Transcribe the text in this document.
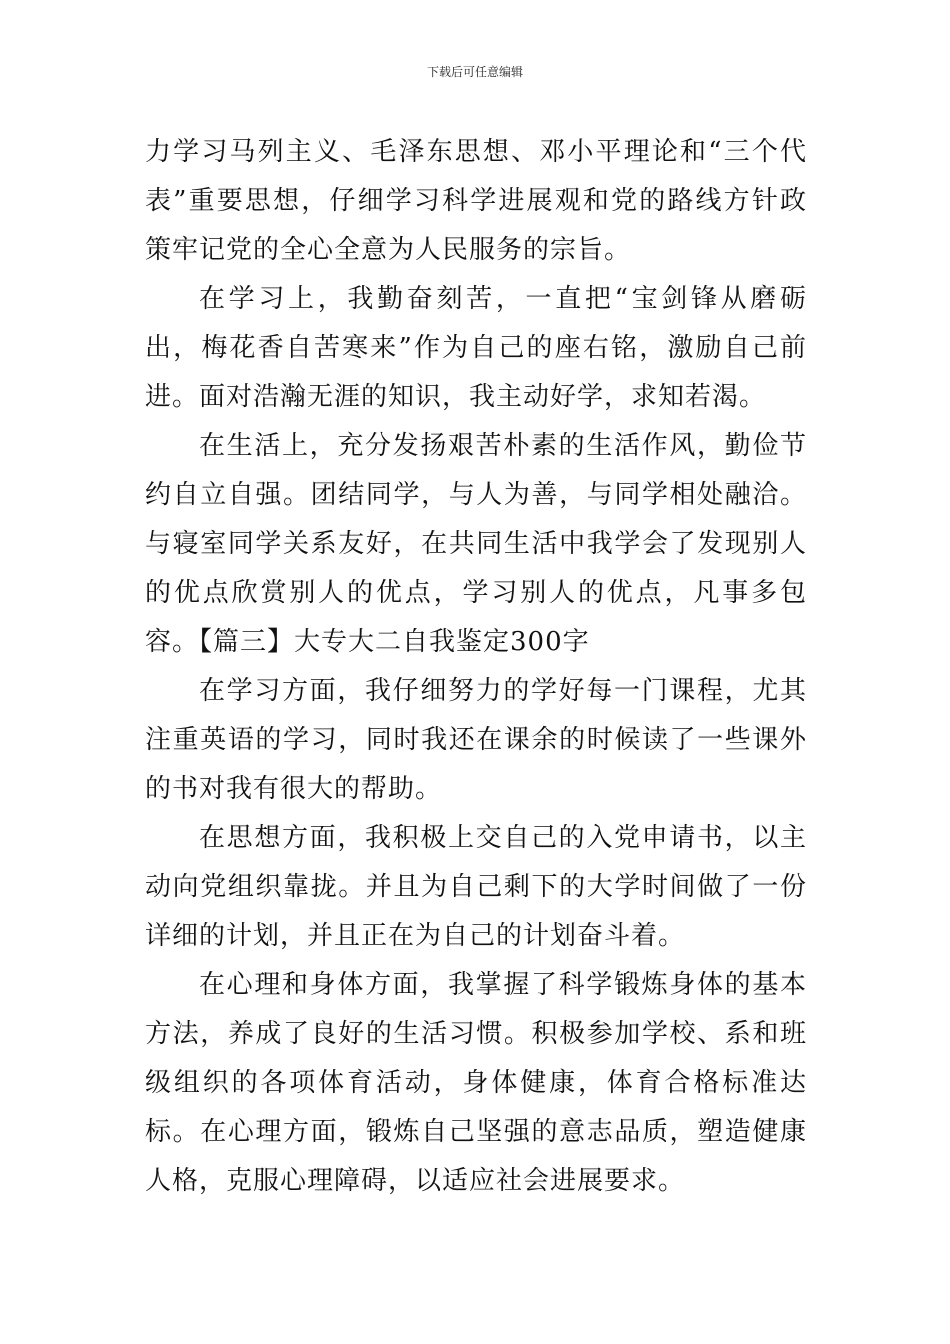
下载后可任意编辑

力学习马列主义、毛泽东思想、邓小平理论和“三个代表”重要思想，仔细学习科学进展观和党的路线方针政策牢记党的全心全意为人民服务的宗旨。

在学习上，我勤奋刻苦，一直把“宝剑锋从磨砺出，梅花香自苦寒来”作为自己的座右铭，激励自己前进。面对浩瀚无涯的知识，我主动好学，求知若渴。

在生活上，充分发扬艰苦朴素的生活作风，勤俭节约自立自强。团结同学，与人为善，与同学相处融洽。与寝室同学关系友好，在共同生活中我学会了发现别人的优点欣赏别人的优点，学习别人的优点，凡事多包容。【篇三】大专大二自我鉴定300字

在学习方面，我仔细努力的学好每一门课程，尤其注重英语的学习，同时我还在课余的时候读了一些课外的书对我有很大的帮助。

在思想方面，我积极上交自己的入党申请书，以主动向党组织靠拢。并且为自己剩下的大学时间做了一份详细的计划，并且正在为自己的计划奋斗着。

在心理和身体方面，我掌握了科学锻炼身体的基本方法，养成了良好的生活习惯。积极参加学校、系和班级组织的各项体育活动，身体健康，体育合格标准达标。在心理方面，锻炼自己坚强的意志品质，塑造健康人格，克服心理障碍，以适应社会进展要求。
